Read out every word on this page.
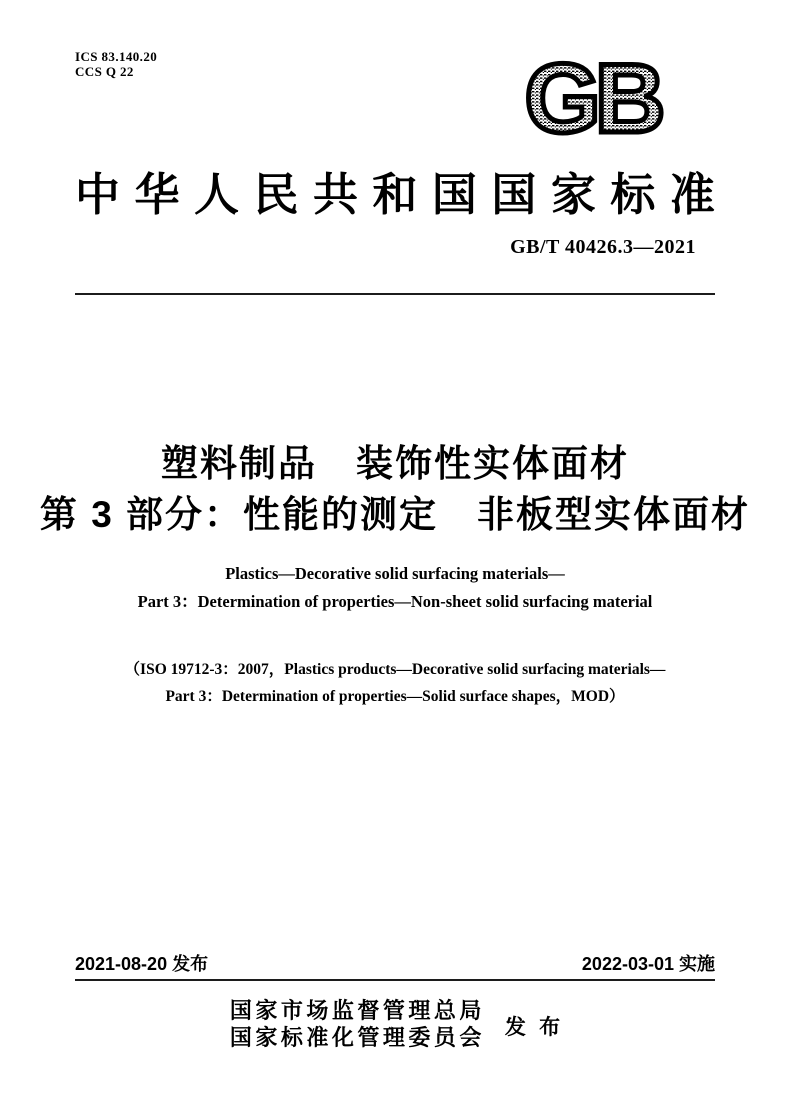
ICS 83.140.20
CCS Q 22	GB
中 华 人 民 共 和 国 国 家 标 准
GB/T 40426.3—2021
塑料制品　装饰性实体面材
第 3 部分：性能的测定　非板型实体面材
Plastics—Decorative solid surfacing materials—
Part 3：Determination of properties—Non-sheet solid surfacing material
（ISO 19712-3：2007，Plastics products—Decorative solid surfacing materials—
Part 3：Determination of properties—Solid surface shapes，MOD）
2021-08-20 发布	2022-03-01 实施
国家市场监督管理总局
国家标准化管理委员会 发 布
